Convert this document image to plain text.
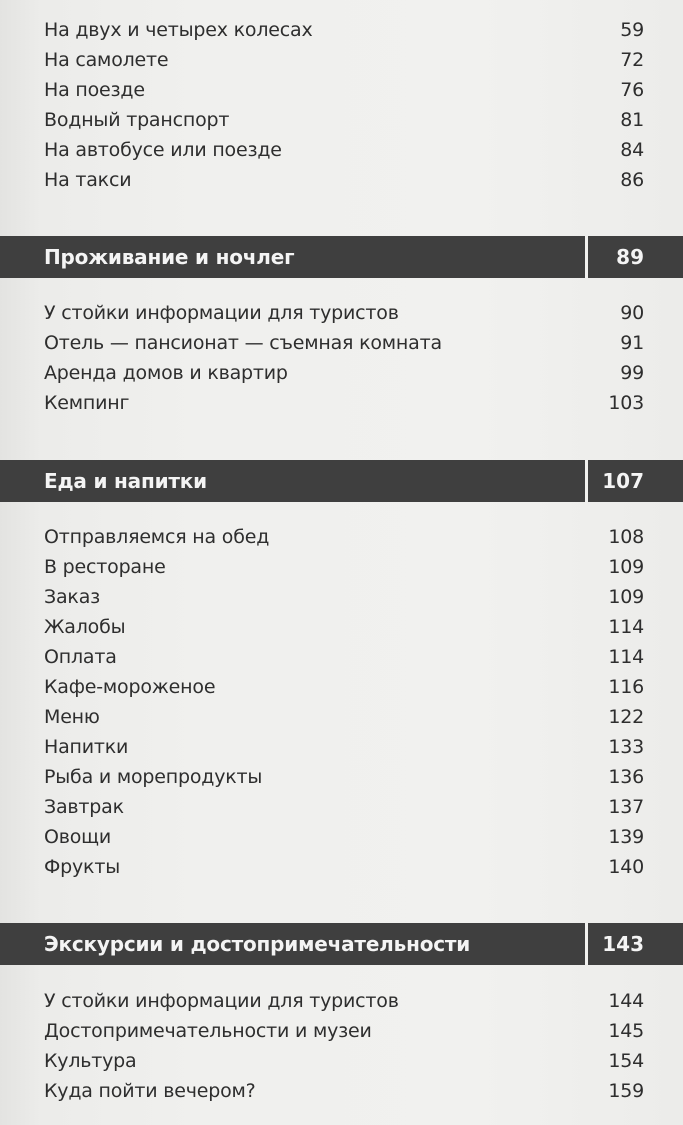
На двух и четырех колесах	59
На самолете	72
На поезде	76
Водный транспорт	81
На автобусе или поезде	84
На такси	86
Проживание и ночлег	89
У стойки информации для туристов	90
Отель — пансионат — съемная комната	91
Аренда домов и квартир	99
Кемпинг	103
Еда и напитки	107
Отправляемся на обед	108
В ресторане	109
Заказ	109
Жалобы	114
Оплата	114
Кафе-мороженое	116
Меню	122
Напитки	133
Рыба и морепродукты	136
Завтрак	137
Овощи	139
Фрукты	140
Экскурсии и достопримечательности	143
У стойки информации для туристов	144
Достопримечательности и музеи	145
Культура	154
Куда пойти вечером?	159
